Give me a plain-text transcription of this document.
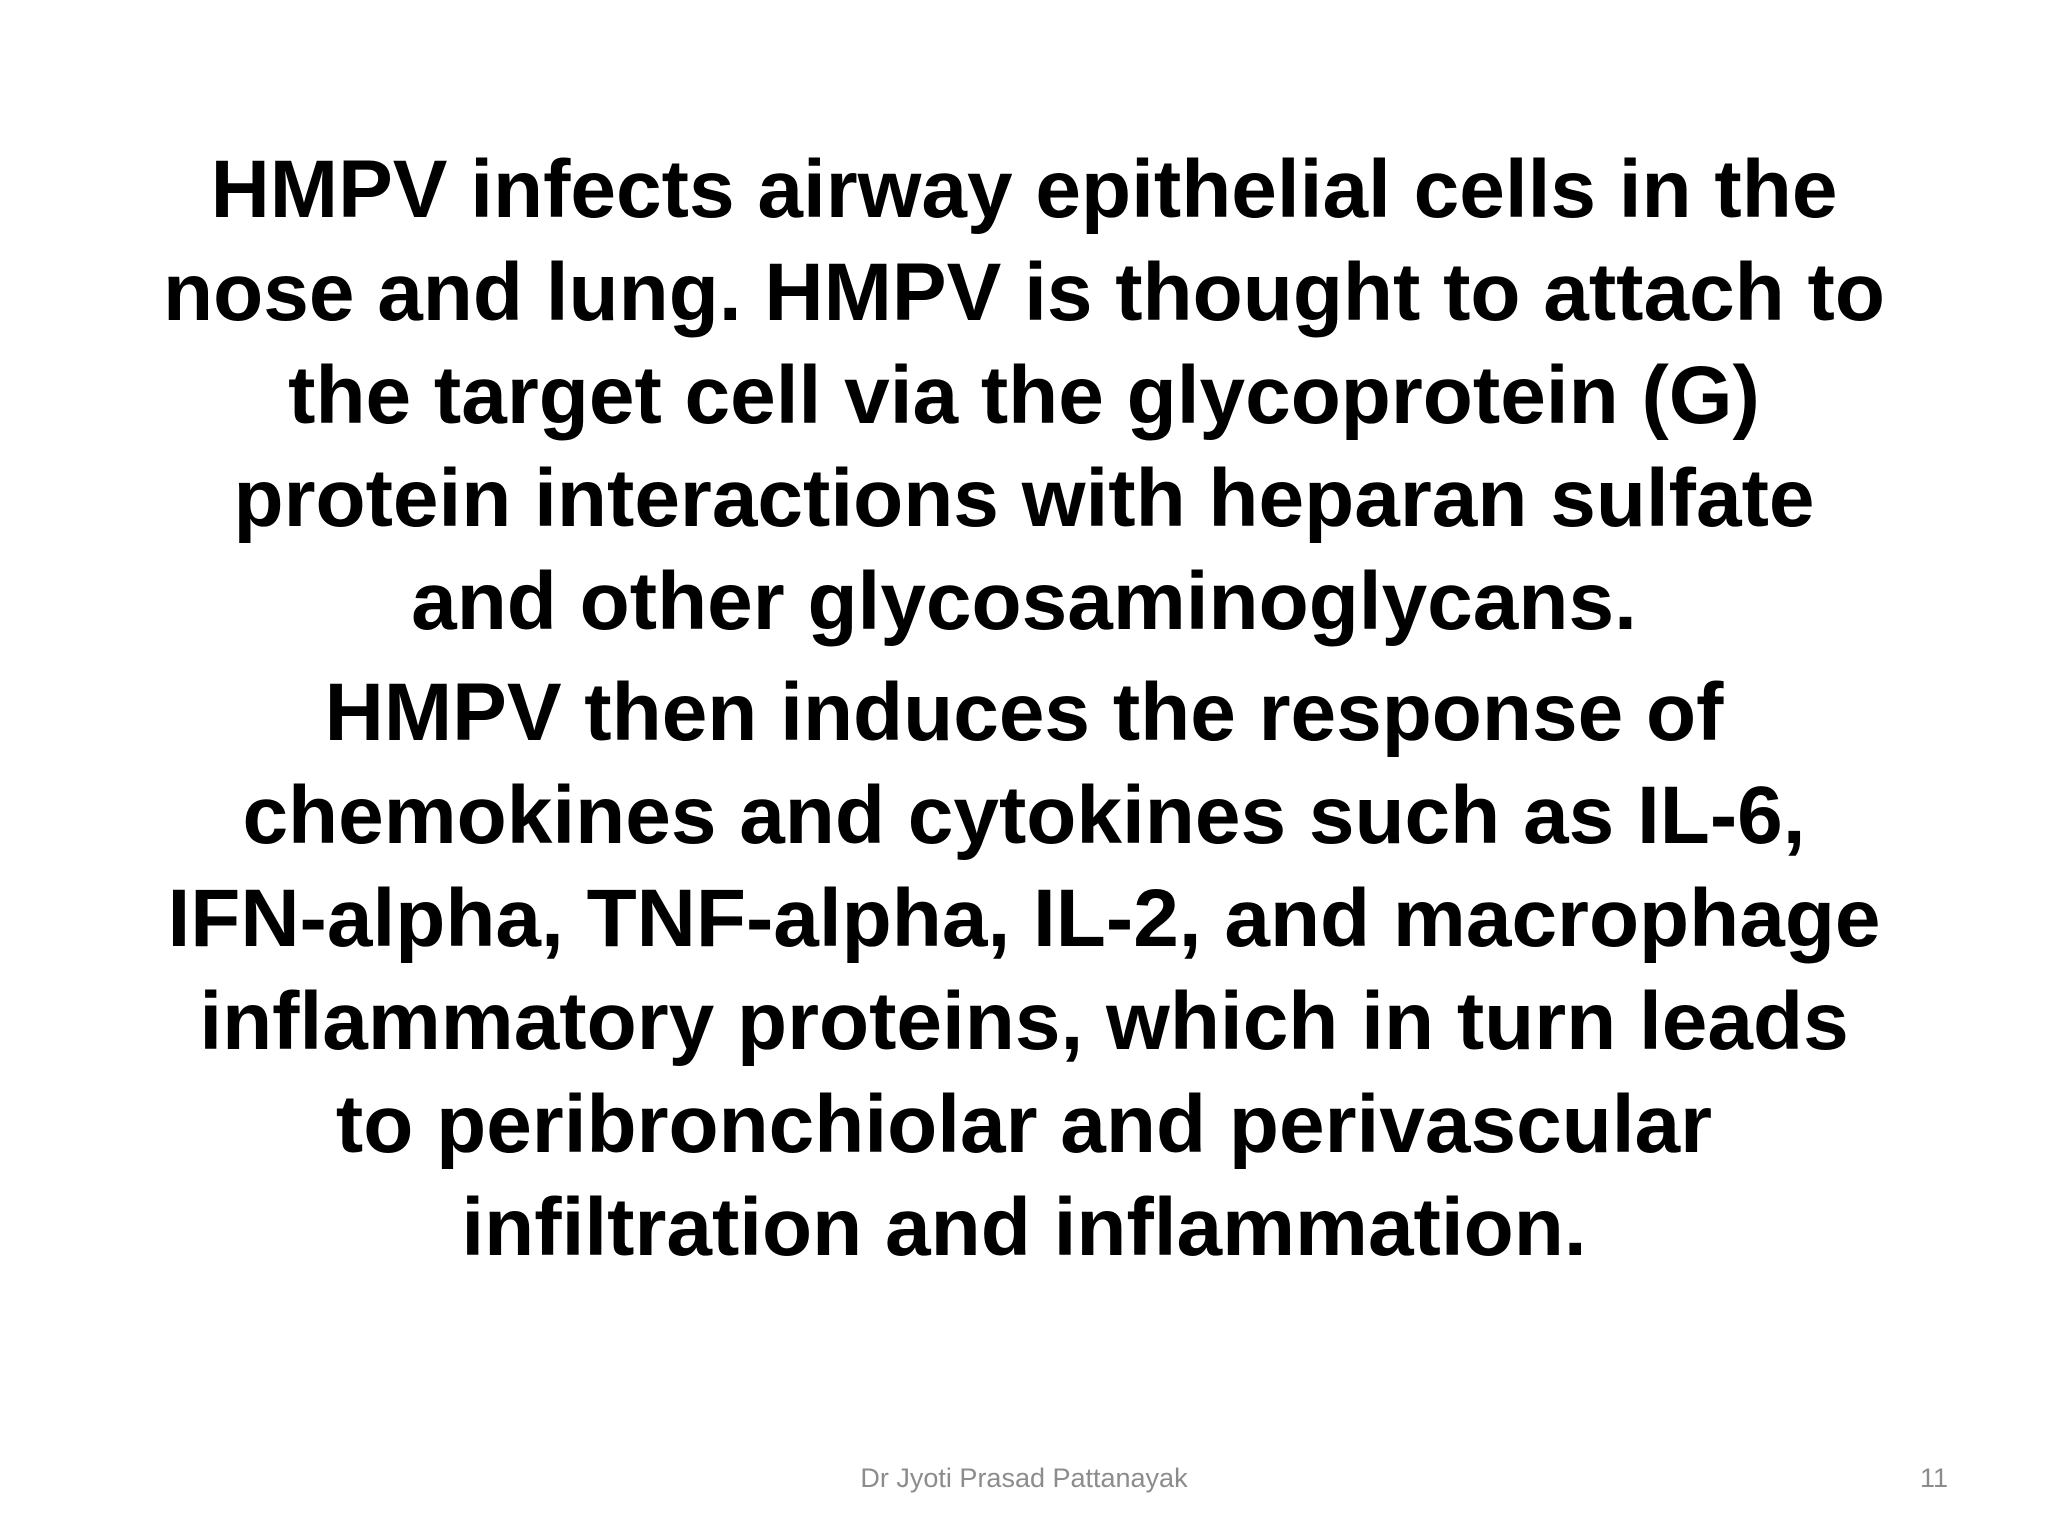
HMPV infects airway epithelial cells in the
nose and lung. HMPV is thought to attach to
the target cell via the glycoprotein (G)
protein interactions with heparan sulfate
and other glycosaminoglycans.

HMPV then induces the response of
chemokines and cytokines such as IL-6,
IFN-alpha, TNF-alpha, IL-2, and macrophage
inflammatory proteins, which in turn leads
to peribronchiolar and perivascular
infiltration and inflammation.

Dr Jyoti Prasad Pattanayak	11
